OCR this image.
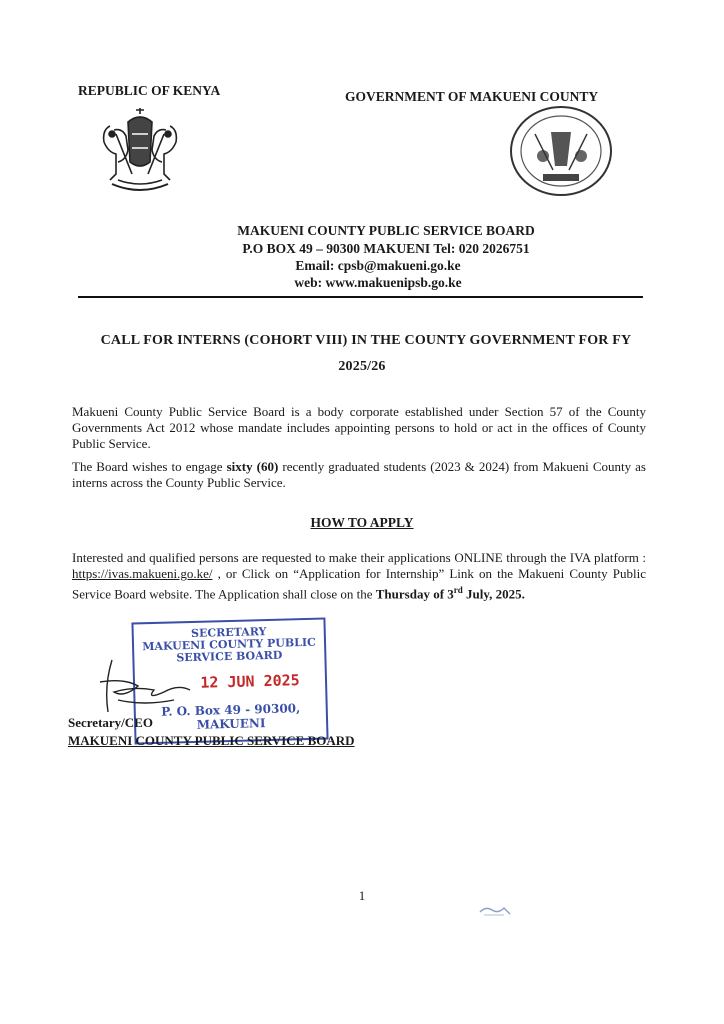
REPUBLIC OF KENYA	GOVERNMENT OF MAKUENI COUNTY
MAKUENI COUNTY PUBLIC SERVICE BOARD
P.O BOX 49 – 90300 MAKUENI Tel: 020 2026751
Email: cpsb@makueni.go.ke
web: www.makuenipsb.go.ke
CALL FOR INTERNS (COHORT VIII) IN THE COUNTY GOVERNMENT FOR FY
2025/26
Makueni County Public Service Board is a body corporate established under Section 57 of the County Governments Act 2012 whose mandate includes appointing persons to hold or act in the offices of County Public Service.
The Board wishes to engage sixty (60) recently graduated students (2023 & 2024) from Makueni County as interns across the County Public Service.
HOW TO APPLY
Interested and qualified persons are requested to make their applications ONLINE through the IVA platform : https://ivas.makueni.go.ke/ , or Click on “Application for Internship” Link on the Makueni County Public Service Board website. The Application shall close on the Thursday of 3rd July, 2025.
SECRETARY
MAKUENI COUNTY PUBLIC
SERVICE BOARD
12 JUN 2025
P. O. Box 49 - 90300,
MAKUENI
Secretary/CEO
MAKUENI COUNTY PUBLIC SERVICE BOARD
1
